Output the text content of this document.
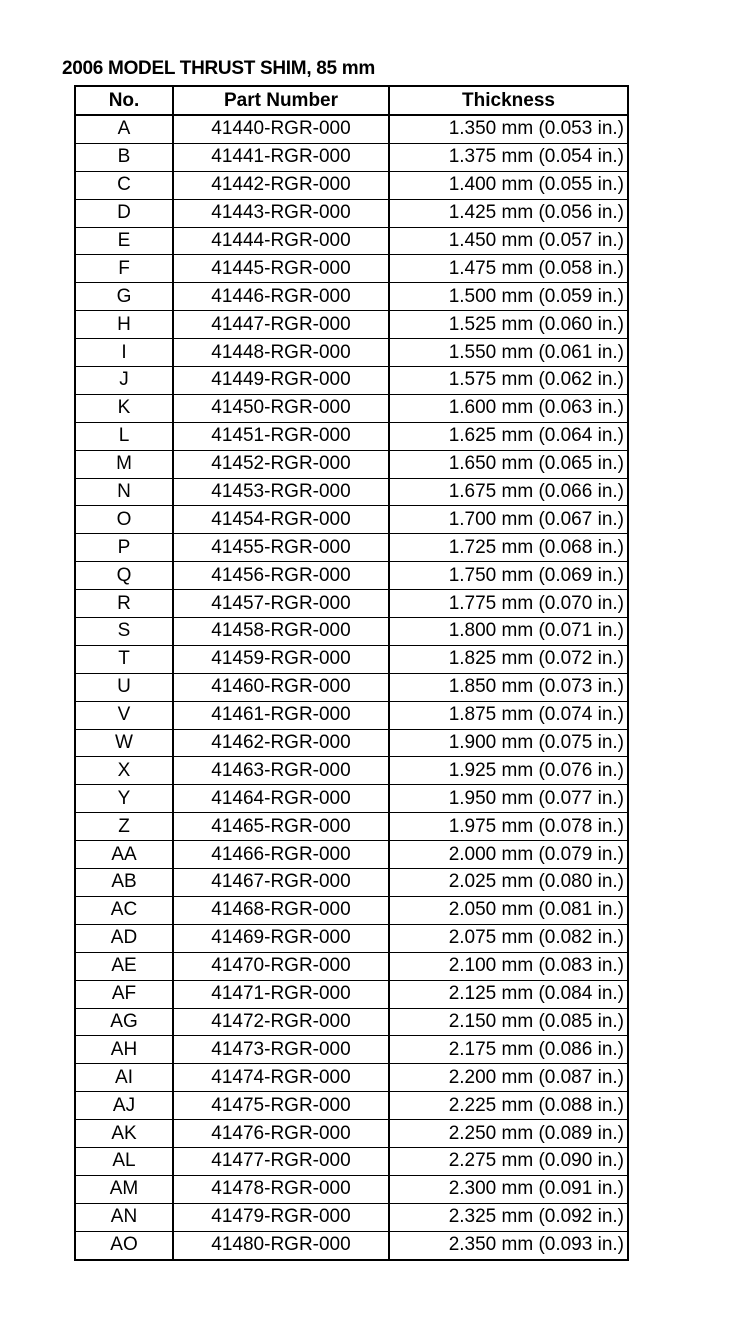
2006 MODEL THRUST SHIM, 85 mm
No.	Part Number	Thickness
A	41440-RGR-000	1.350 mm (0.053 in.)
B	41441-RGR-000	1.375 mm (0.054 in.)
C	41442-RGR-000	1.400 mm (0.055 in.)
D	41443-RGR-000	1.425 mm (0.056 in.)
E	41444-RGR-000	1.450 mm (0.057 in.)
F	41445-RGR-000	1.475 mm (0.058 in.)
G	41446-RGR-000	1.500 mm (0.059 in.)
H	41447-RGR-000	1.525 mm (0.060 in.)
I	41448-RGR-000	1.550 mm (0.061 in.)
J	41449-RGR-000	1.575 mm (0.062 in.)
K	41450-RGR-000	1.600 mm (0.063 in.)
L	41451-RGR-000	1.625 mm (0.064 in.)
M	41452-RGR-000	1.650 mm (0.065 in.)
N	41453-RGR-000	1.675 mm (0.066 in.)
O	41454-RGR-000	1.700 mm (0.067 in.)
P	41455-RGR-000	1.725 mm (0.068 in.)
Q	41456-RGR-000	1.750 mm (0.069 in.)
R	41457-RGR-000	1.775 mm (0.070 in.)
S	41458-RGR-000	1.800 mm (0.071 in.)
T	41459-RGR-000	1.825 mm (0.072 in.)
U	41460-RGR-000	1.850 mm (0.073 in.)
V	41461-RGR-000	1.875 mm (0.074 in.)
W	41462-RGR-000	1.900 mm (0.075 in.)
X	41463-RGR-000	1.925 mm (0.076 in.)
Y	41464-RGR-000	1.950 mm (0.077 in.)
Z	41465-RGR-000	1.975 mm (0.078 in.)
AA	41466-RGR-000	2.000 mm (0.079 in.)
AB	41467-RGR-000	2.025 mm (0.080 in.)
AC	41468-RGR-000	2.050 mm (0.081 in.)
AD	41469-RGR-000	2.075 mm (0.082 in.)
AE	41470-RGR-000	2.100 mm (0.083 in.)
AF	41471-RGR-000	2.125 mm (0.084 in.)
AG	41472-RGR-000	2.150 mm (0.085 in.)
AH	41473-RGR-000	2.175 mm (0.086 in.)
AI	41474-RGR-000	2.200 mm (0.087 in.)
AJ	41475-RGR-000	2.225 mm (0.088 in.)
AK	41476-RGR-000	2.250 mm (0.089 in.)
AL	41477-RGR-000	2.275 mm (0.090 in.)
AM	41478-RGR-000	2.300 mm (0.091 in.)
AN	41479-RGR-000	2.325 mm (0.092 in.)
AO	41480-RGR-000	2.350 mm (0.093 in.)
